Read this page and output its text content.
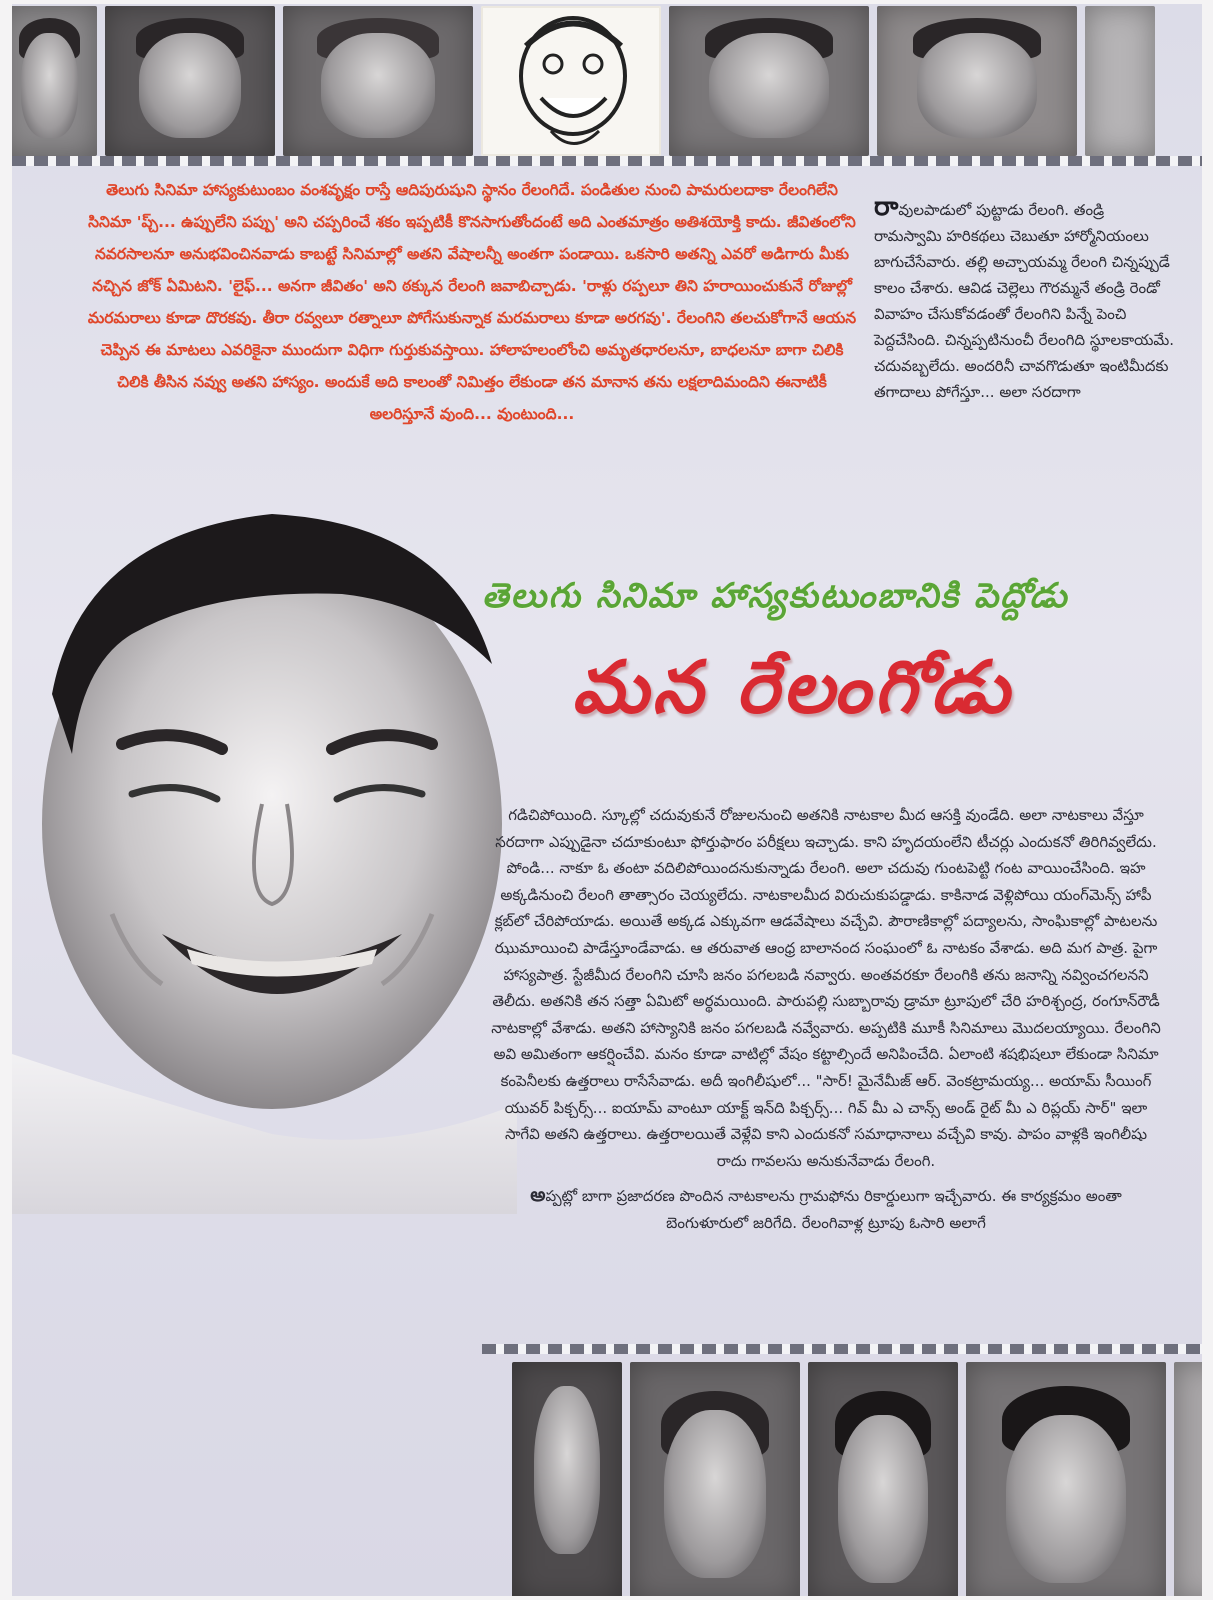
తెలుగు సినిమా హాస్యకుటుంబం వంశవృక్షం రాస్తే ఆదిపురుషుని స్థానం రేలంగిదే. పండితుల నుంచి పామరులదాకా రేలంగిలేని సినిమా 'ప్చ్... ఉప్పులేని పప్పు' అని చప్పరించే శకం ఇప్పటికీ కొనసాగుతోందంటే అది ఎంతమాత్రం అతిశయోక్తి కాదు. జీవితంలోని నవరసాలనూ అనుభవించినవాడు కాబట్టే సినిమాల్లో అతని వేషాలన్నీ అంతగా పండాయి. ఒకసారి అతన్ని ఎవరో అడిగారు మీకు నచ్చిన జోక్ ఏమిటని. 'లైఫ్... అనగా జీవితం' అని ఠక్కున రేలంగి జవాబిచ్చాడు. 'రాళ్లు రప్పలూ తిని హరాయించుకునే రోజుల్లో మరమరాలు కూడా దొరకవు. తీరా రవ్వలూ రత్నాలూ పోగేసుకున్నాక మరమరాలు కూడా అరగవు'. రేలంగిని తలచుకోగానే ఆయన చెప్పిన ఈ మాటలు ఎవరికైనా ముందుగా విధిగా గుర్తుకువస్తాయి. హాలాహలంలోంచి అమృతధారలనూ, బాధలనూ బాగా చిలికి చిలికి తీసిన నవ్వు అతని హాస్యం. అందుకే అది కాలంతో నిమిత్తం లేకుండా తన మానాన తను లక్షలాదిమందిని ఈనాటికీ అలరిస్తూనే వుంది... వుంటుంది...
రావులపాడులో పుట్టాడు రేలంగి. తండ్రి రామస్వామి హరికథలు చెబుతూ హార్మోనియంలు బాగుచేసేవారు. తల్లి అచ్చాయమ్మ రేలంగి చిన్నప్పుడే కాలం చేశారు. ఆవిడ చెల్లెలు గౌరమ్మనే తండ్రి రెండో వివాహం చేసుకోవడంతో రేలంగిని పిన్నే పెంచి పెద్దచేసింది. చిన్నప్పటినుంచీ రేలంగిది స్థూలకాయమే. చదువబ్బలేదు. అందరినీ చావగొడుతూ ఇంటిమీదకు తగాదాలు పోగేస్తూ... అలా సరదాగా
తెలుగు సినిమా హాస్యకుటుంబానికి పెద్దోడు
మన రేలంగోడు

గడిచిపోయింది. స్కూల్లో చదువుకునే రోజులనుంచి అతనికి నాటకాల మీద ఆసక్తి వుండేది. అలా నాటకాలు వేస్తూ సరదాగా ఎప్పుడైనా చదూకుంటూ ఫోర్తుఫారం పరీక్షలు ఇచ్చాడు. కాని హృదయంలేని టీచర్లు ఎందుకనో తిరిగివ్వలేదు. పోండి... నాకూ ఓ తంటా వదిలిపోయిందనుకున్నాడు రేలంగి. అలా చదువు గుంటపెట్టి గంట వాయించేసింది. ఇహ అక్కడినుంచి రేలంగి తాత్సారం చెయ్యలేదు. నాటకాలమీద విరుచుకుపడ్డాడు. కాకినాడ వెళ్లిపోయి యంగ్‌మెన్స్ హాపీ క్లబ్‌లో చేరిపోయాడు. అయితే అక్కడ ఎక్కువగా ఆడవేషాలు వచ్చేవి. పౌరాణికాల్లో పద్యాలను, సాంఘికాల్లో పాటలను ఝుమాయించి పాడేస్తూండేవాడు. ఆ తరువాత ఆంధ్ర బాలానంద సంఘంలో ఓ నాటకం వేశాడు. అది మగ పాత్ర. పైగా హాస్యపాత్ర. స్టేజీమీద రేలంగిని చూసి జనం పగలబడి నవ్వారు. అంతవరకూ రేలంగికి తను జనాన్ని నవ్వించగలనని తెలీదు. అతనికి తన సత్తా ఏమిటో అర్థమయింది. పారుపల్లి సుబ్బారావు డ్రామా ట్రూపులో చేరి హరిశ్చంద్ర, రంగూన్‌రౌడీ నాటకాల్లో వేశాడు. అతని హాస్యానికి జనం పగలబడి నవ్వేవారు. అప్పటికి మూకీ సినిమాలు మొదలయ్యాయి. రేలంగిని అవి అమితంగా ఆకర్షించేవి. మనం కూడా వాటిల్లో వేషం కట్టాల్సిందే అనిపించేది. ఏలాంటి శషభిషలూ లేకుండా సినిమా కంపెనీలకు ఉత్తరాలు రాసేసేవాడు. అదీ ఇంగిలీషులో... "సార్! మైనేమీజ్ ఆర్. వెంకట్రామయ్య... అయామ్ సీయింగ్ యువర్ పిక్చర్స్... ఐయామ్ వాంటూ యాక్ట్ ఇన్‌ది పిక్చర్స్... గివ్ మీ ఎ చాన్స్ అండ్ రైట్ మీ ఎ రిప్లయ్ సార్" ఇలా సాగేవి అతని ఉత్తరాలు. ఉత్తరాలయితే వెళ్లేవి కాని ఎందుకనో సమాధానాలు వచ్చేవి కావు. పాపం వాళ్లకి ఇంగిలీషు రాదు గావలసు అనుకునేవాడు రేలంగి.

అప్పట్లో బాగా ప్రజాదరణ పొందిన నాటకాలను గ్రామఫోను రికార్డులుగా ఇచ్చేవారు. ఈ కార్యక్రమం అంతా బెంగుళూరులో జరిగేది. రేలంగివాళ్ల ట్రూపు ఓసారి అలాగే
